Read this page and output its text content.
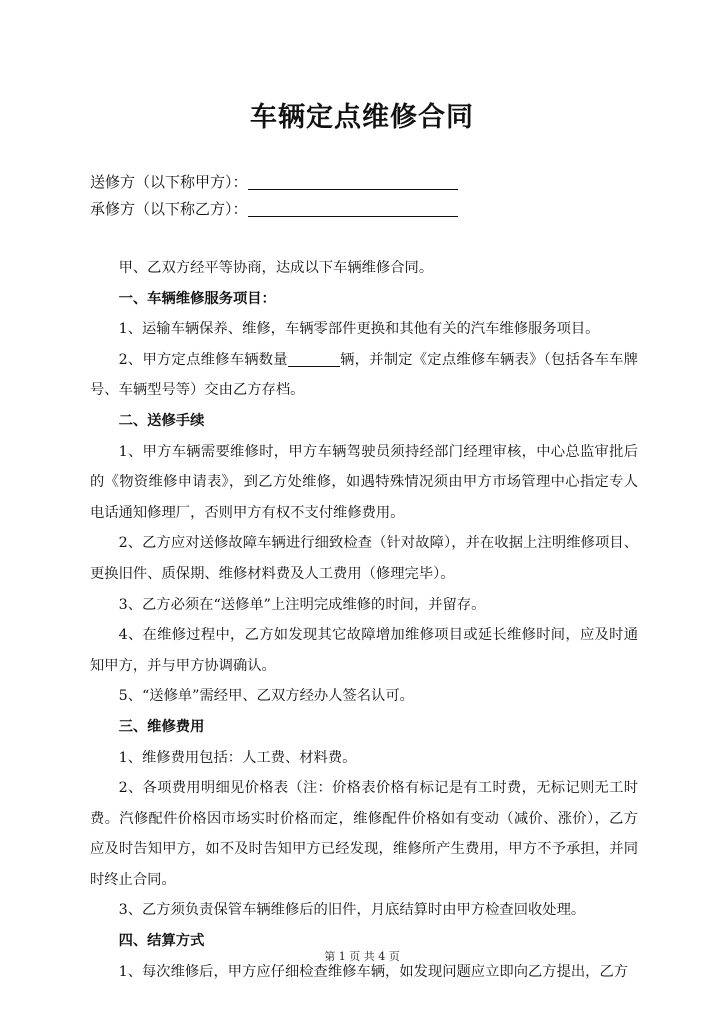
车辆定点维修合同
送修方（以下称甲方）：
承修方（以下称乙方）：

甲、乙双方经平等协商，达成以下车辆维修合同。

一、车辆维修服务项目：

1、运输车辆保养、维修，车辆零部件更换和其他有关的汽车维修服务项目。

2、甲方定点维修车辆数量	辆，并制定《定点维修车辆表》（包括各车车牌号、车辆型号等）交由乙方存档。

二、送修手续

1、甲方车辆需要维修时，甲方车辆驾驶员须持经部门经理审核，中心总监审批后的《物资维修申请表》，到乙方处维修，如遇特殊情况须由甲方市场管理中心指定专人电话通知修理厂，否则甲方有权不支付维修费用。

2、乙方应对送修故障车辆进行细致检查（针对故障），并在收据上注明维修项目、更换旧件、质保期、维修材料费及人工费用（修理完毕）。

3、乙方必须在“送修单”上注明完成维修的时间，并留存。

4、在维修过程中，乙方如发现其它故障增加维修项目或延长维修时间，应及时通知甲方，并与甲方协调确认。

5、“送修单”需经甲、乙双方经办人签名认可。

三、维修费用

1、维修费用包括：人工费、材料费。

2、各项费用明细见价格表（注：价格表价格有标记是有工时费，无标记则无工时费。汽修配件价格因市场实时价格而定，维修配件价格如有变动（减价、涨价），乙方应及时告知甲方，如不及时告知甲方已经发现，维修所产生费用，甲方不予承担，并同时终止合同。

3、乙方须负责保管车辆维修后的旧件，月底结算时由甲方检查回收处理。

四、结算方式

1、每次维修后，甲方应仔细检查维修车辆，如发现问题应立即向乙方提出，乙方

第 1 页 共 4 页
